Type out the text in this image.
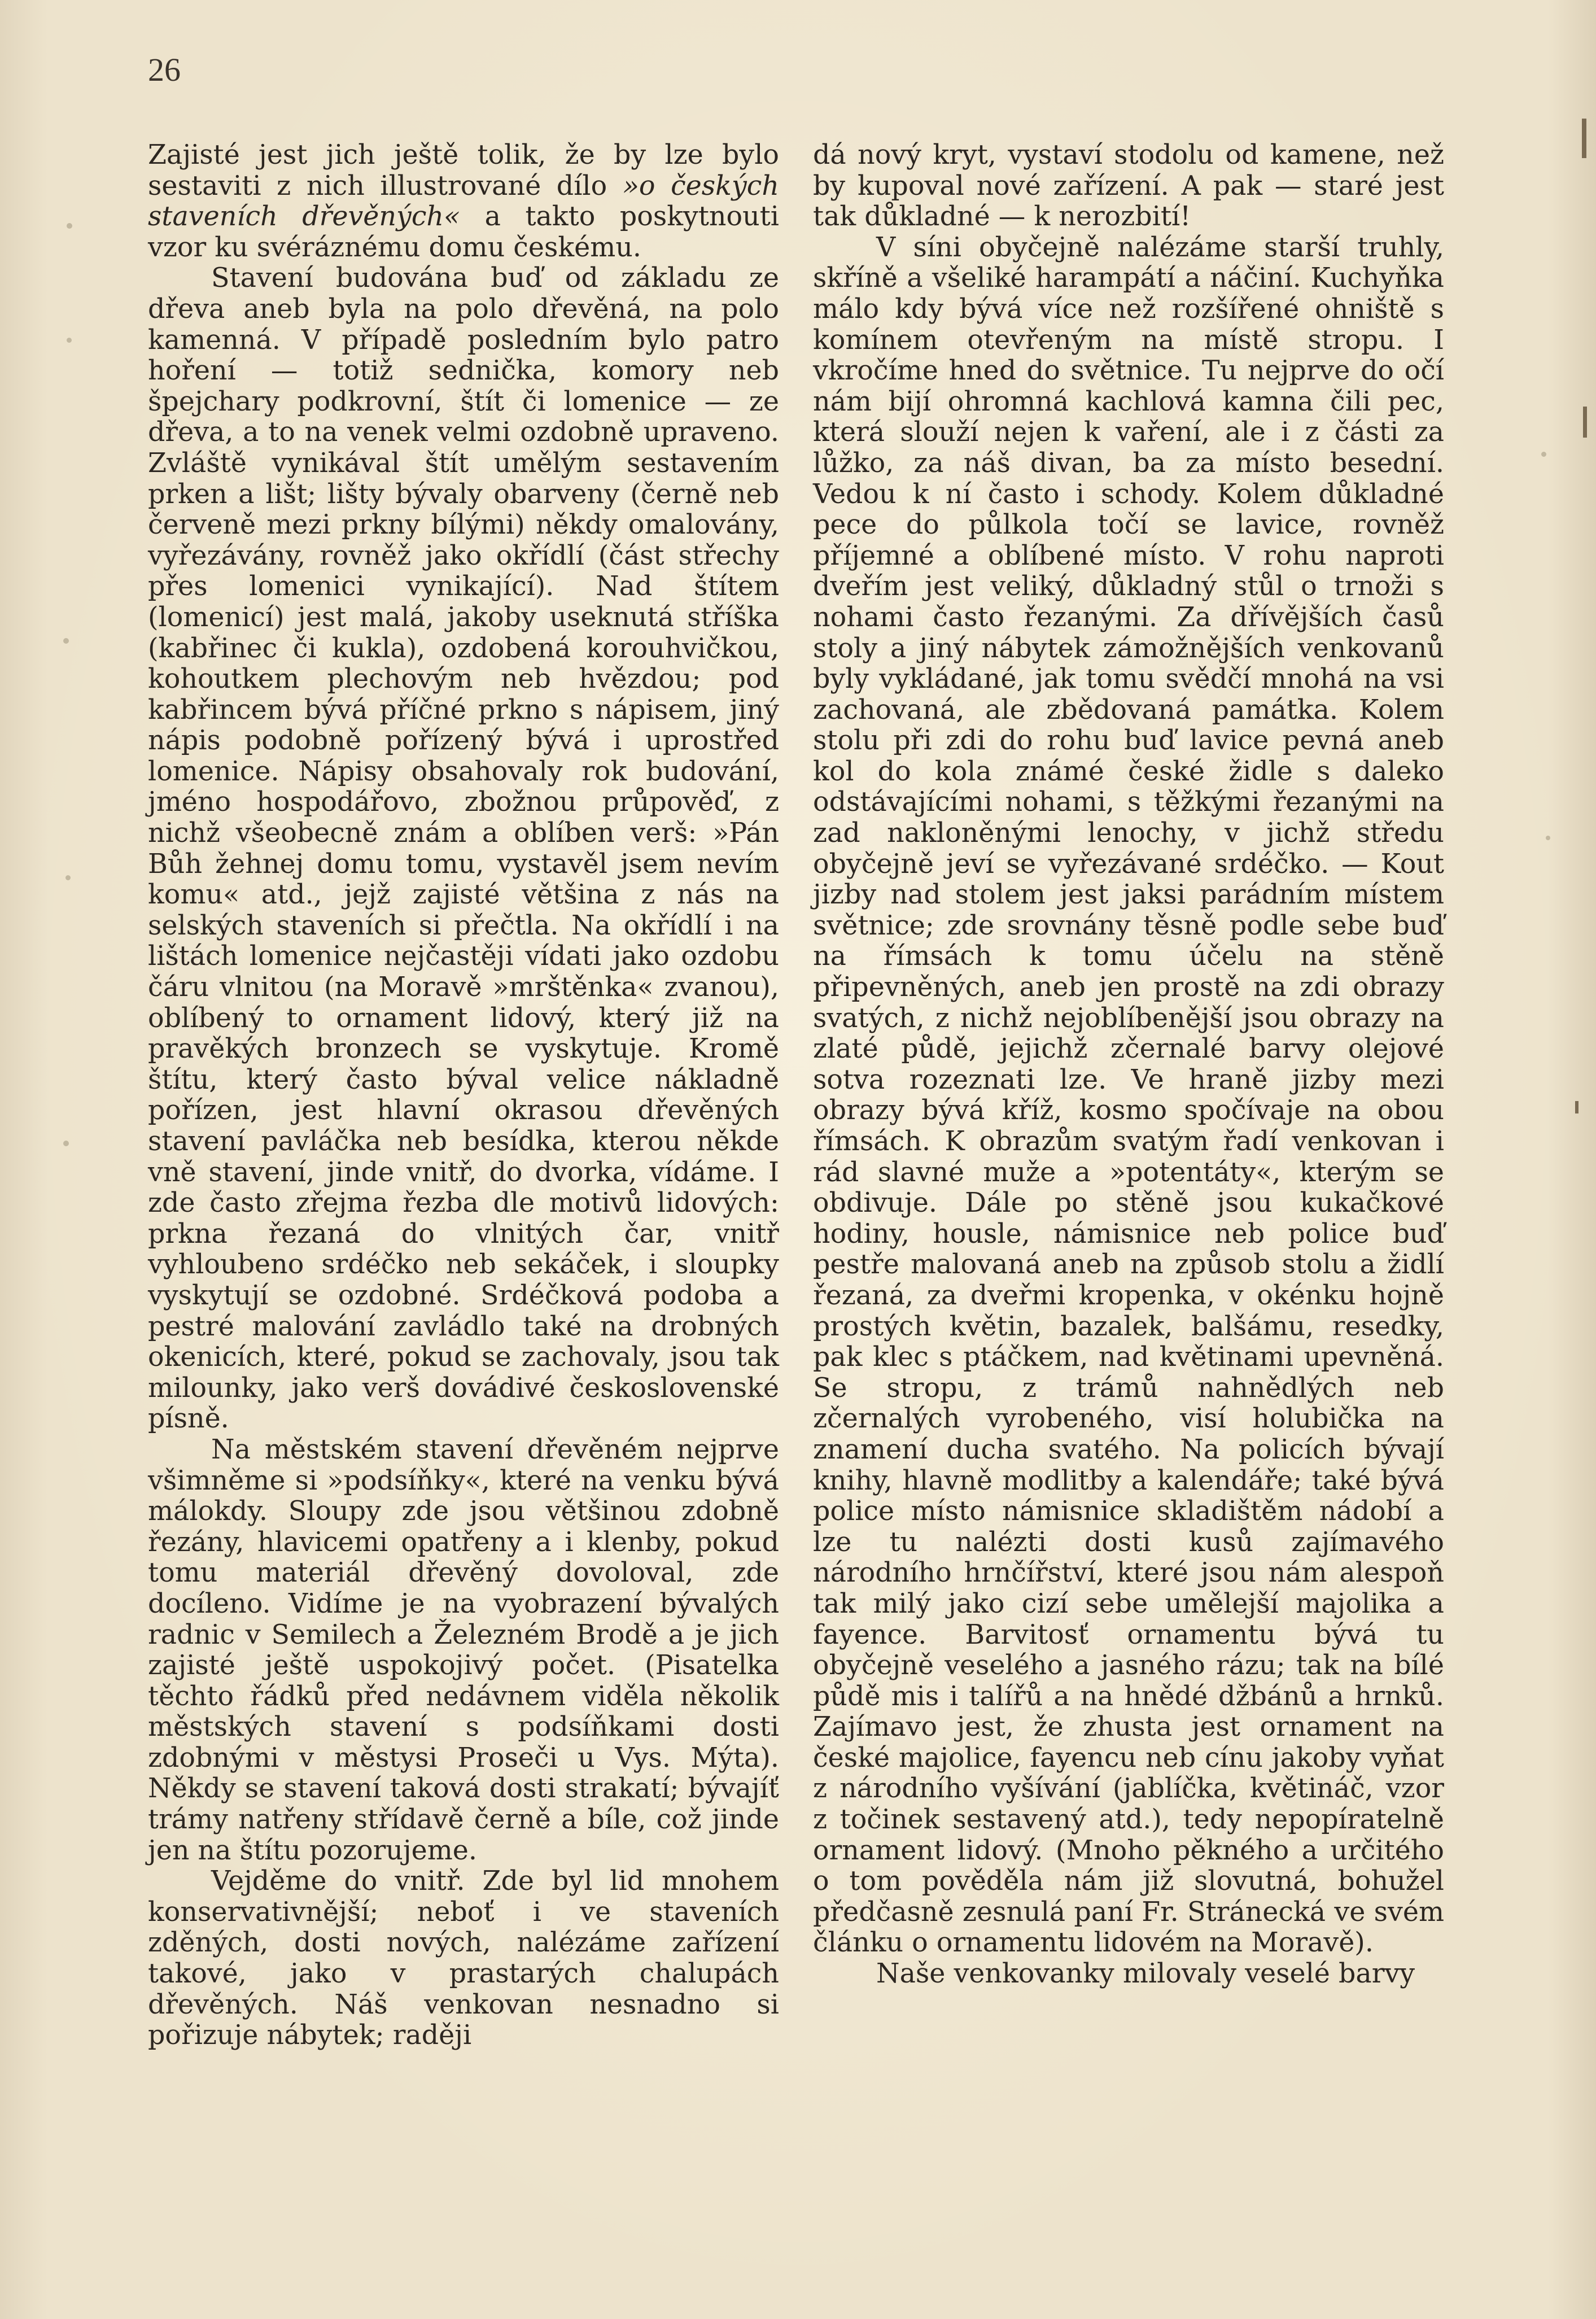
26

Zajisté jest jich ještě tolik, že by lze bylo sestaviti z nich illustrované dílo »o českých staveních dřevěných« a takto poskytnouti vzor ku svéráznému domu českému.

Stavení budována buď od základu ze dřeva aneb byla na polo dřevěná, na polo kamenná. V případě posledním bylo patro hoření — totiž sednička, komory neb špejchary podkrovní, štít či lomenice — ze dřeva, a to na venek velmi ozdobně upraveno. Zvláště vynikával štít umělým sestavením prken a lišt; lišty bývaly obarveny (černě neb červeně mezi prkny bílými) někdy omalovány, vyřezávány, rovněž jako okřídlí (část střechy přes lomenici vynikající). Nad štítem (lomenicí) jest malá, jakoby useknutá stříška (kabřinec či kukla), ozdobená korouhvičkou, kohoutkem plechovým neb hvězdou; pod kabřincem bývá příčné prkno s nápisem, jiný nápis podobně pořízený bývá i uprostřed lomenice. Nápisy obsahovaly rok budování, jméno hospodářovo, zbožnou průpověď, z nichž všeobecně znám a oblíben verš: »Pán Bůh žehnej domu tomu, vystavěl jsem nevím komu« atd., jejž zajisté většina z nás na selských staveních si přečtla. Na okřídlí i na lištách lomenice nejčastěji vídati jako ozdobu čáru vlnitou (na Moravě »mrštěnka« zvanou), oblíbený to ornament lidový, který již na pravěkých bronzech se vyskytuje. Kromě štítu, který často býval velice nákladně pořízen, jest hlavní okrasou dřevěných stavení pavláčka neb besídka, kterou někde vně stavení, jinde vnitř, do dvorka, vídáme. I zde často zřejma řezba dle motivů lidových: prkna řezaná do vlnitých čar, vnitř vyhloubeno srdéčko neb sekáček, i sloupky vyskytují se ozdobné. Srdéčková podoba a pestré malování zavládlo také na drobných okenicích, které, pokud se zachovaly, jsou tak milounky, jako verš dovádivé československé písně.

Na městském stavení dřevěném nejprve všimněme si »podsíňky«, které na venku bývá málokdy. Sloupy zde jsou většinou zdobně řezány, hlavicemi opatřeny a i klenby, pokud tomu materiál dřevěný dovoloval, zde docíleno. Vidíme je na vyobrazení bývalých radnic v Semilech a Železném Brodě a je jich zajisté ještě uspokojivý počet. (Pisatelka těchto řádků před nedávnem viděla několik městských stavení s podsíňkami dosti zdobnými v městysi Proseči u Vys. Mýta). Někdy se stavení taková dosti strakatí; bývajíť trámy natřeny střídavě černě a bíle, což jinde jen na štítu pozorujeme.

Vejděme do vnitř. Zde byl lid mnohem konservativnější; neboť i ve staveních zděných, dosti nových, nalézáme zařízení takové, jako v prastarých chalupách dřevěných. Náš venkovan nesnadno si pořizuje nábytek; raději

dá nový kryt, vystaví stodolu od kamene, než by kupoval nové zařízení. A pak — staré jest tak důkladné — k nerozbití!

V síni obyčejně nalézáme starší truhly, skříně a všeliké harampátí a náčiní. Kuchyňka málo kdy bývá více než rozšířené ohniště s komínem otevřeným na místě stropu. I vkročíme hned do světnice. Tu nejprve do očí nám bijí ohromná kachlová kamna čili pec, která slouží nejen k vaření, ale i z části za lůžko, za náš divan, ba za místo besední. Vedou k ní často i schody. Kolem důkladné pece do půlkola točí se lavice, rovněž příjemné a oblíbené místo. V rohu naproti dveřím jest veliký, důkladný stůl o trnoži s nohami často řezanými. Za dřívějších časů stoly a jiný nábytek zámožnějších venkovanů byly vykládané, jak tomu svědčí mnohá na vsi zachovaná, ale zbědovaná památka. Kolem stolu při zdi do rohu buď lavice pevná aneb kol do kola známé české židle s daleko odstávajícími nohami, s těžkými řezanými na zad nakloněnými lenochy, v jichž středu obyčejně jeví se vyřezávané srdéčko. — Kout jizby nad stolem jest jaksi parádním místem světnice; zde srovnány těsně podle sebe buď na římsách k tomu účelu na stěně připevněných, aneb jen prostě na zdi obrazy svatých, z nichž nejoblíbenější jsou obrazy na zlaté půdě, jejichž zčernalé barvy olejové sotva rozeznati lze. Ve hraně jizby mezi obrazy bývá kříž, kosmo spočívaje na obou římsách. K obrazům svatým řadí venkovan i rád slavné muže a »potentáty«, kterým se obdivuje. Dále po stěně jsou kukačkové hodiny, housle, námisnice neb police buď pestře malovaná aneb na způsob stolu a židlí řezaná, za dveřmi kropenka, v okénku hojně prostých květin, bazalek, balšámu, resedky, pak klec s ptáčkem, nad květinami upevněná. Se stropu, z trámů nahnědlých neb zčernalých vyrobeného, visí holubička na znamení ducha svatého. Na policích bývají knihy, hlavně modlitby a kalendáře; také bývá police místo námisnice skladištěm nádobí a lze tu nalézti dosti kusů zajímavého národního hrnčířství, které jsou nám alespoň tak milý jako cizí sebe umělejší majolika a fayence. Barvitosť ornamentu bývá tu obyčejně veselého a jasného rázu; tak na bílé půdě mis i talířů a na hnědé džbánů a hrnků. Zajímavo jest, že zhusta jest ornament na české majolice, fayencu neb cínu jakoby vyňat z národního vyšívání (jablíčka, květináč, vzor z točinek sestavený atd.), tedy nepopíratelně ornament lidový. (Mnoho pěkného a určitého o tom pověděla nám již slovutná, bohužel předčasně zesnulá paní Fr. Stránecká ve svém článku o ornamentu lidovém na Moravě).

Naše venkovanky milovaly veselé barvy
